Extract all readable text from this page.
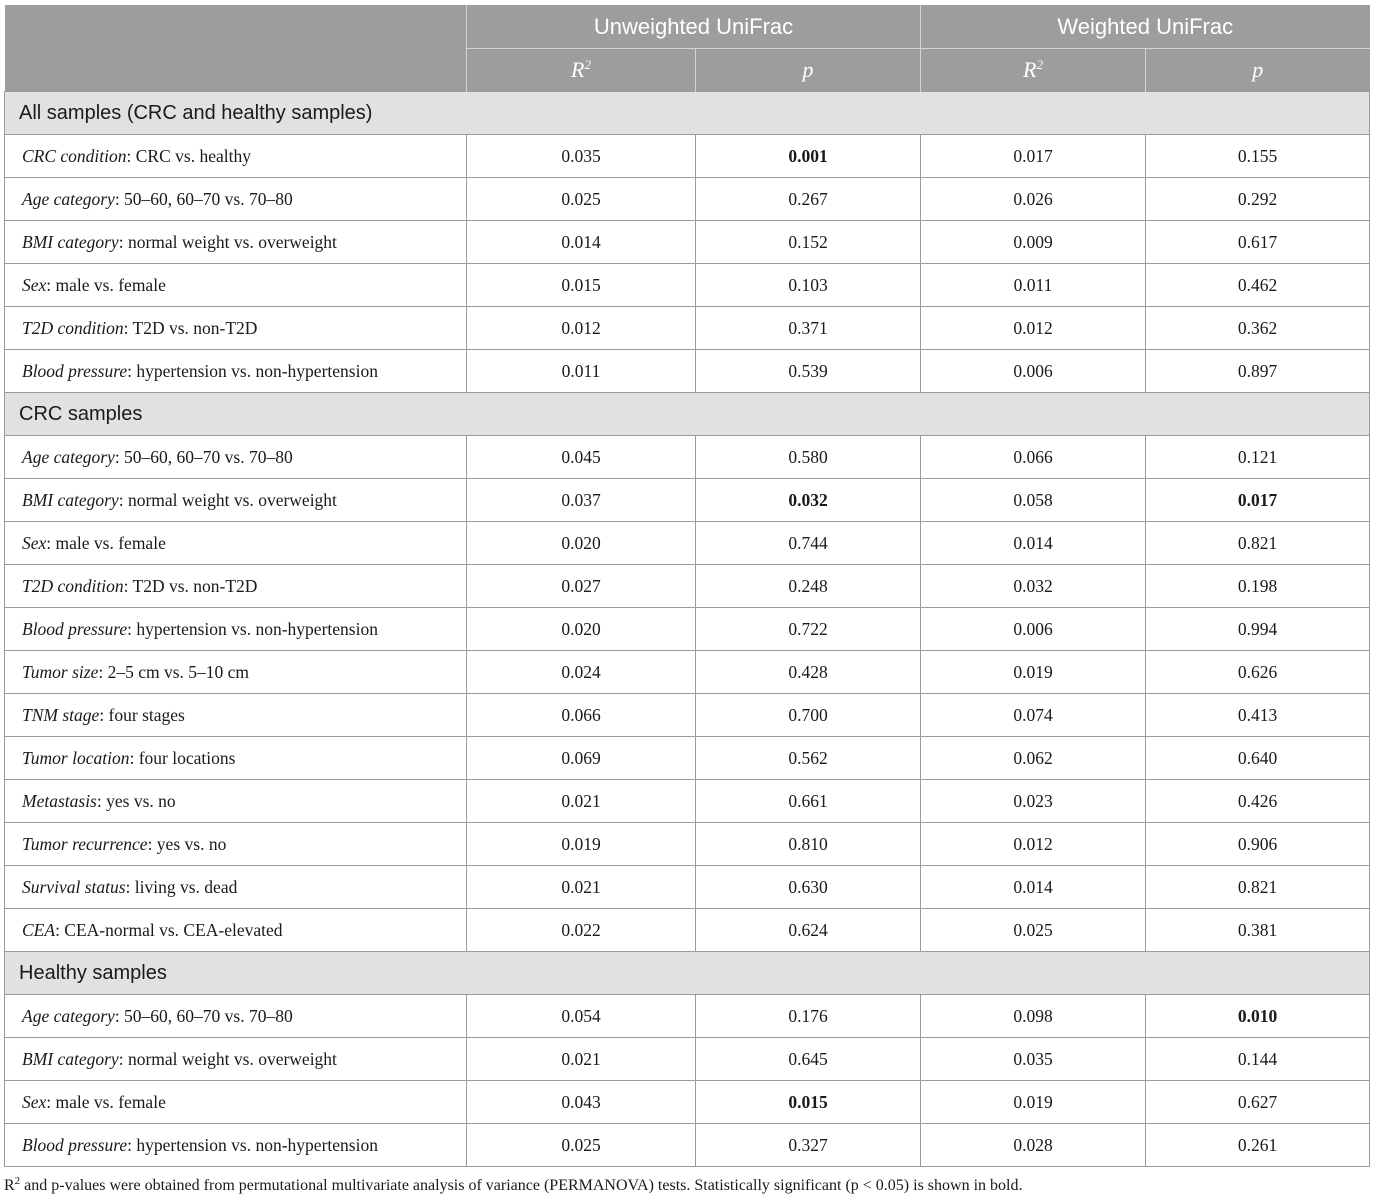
	Unweighted UniFrac		Weighted UniFrac	
	$R^2$	p	$R^2$	p
All samples (CRC and healthy samples)				
CRC condition: CRC vs. healthy	0.035	0.001	0.017	0.155
Age category: 50–60, 60–70 vs. 70–80	0.025	0.267	0.026	0.292
BMI category: normal weight vs. overweight	0.014	0.152	0.009	0.617
Sex: male vs. female	0.015	0.103	0.011	0.462
T2D condition: T2D vs. non-T2D	0.012	0.371	0.012	0.362
Blood pressure: hypertension vs. non-hypertension	0.011	0.539	0.006	0.897
CRC samples				
Age category: 50–60, 60–70 vs. 70–80	0.045	0.580	0.066	0.121
BMI category: normal weight vs. overweight	0.037	0.032	0.058	0.017
Sex: male vs. female	0.020	0.744	0.014	0.821
T2D condition: T2D vs. non-T2D	0.027	0.248	0.032	0.198
Blood pressure: hypertension vs. non-hypertension	0.020	0.722	0.006	0.994
Tumor size: 2–5 cm vs. 5–10 cm	0.024	0.428	0.019	0.626
TNM stage: four stages	0.066	0.700	0.074	0.413
Tumor location: four locations	0.069	0.562	0.062	0.640
Metastasis: yes vs. no	0.021	0.661	0.023	0.426
Tumor recurrence: yes vs. no	0.019	0.810	0.012	0.906
Survival status: living vs. dead	0.021	0.630	0.014	0.821
CEA: CEA-normal vs. CEA-elevated	0.022	0.624	0.025	0.381
Healthy samples				
Age category: 50–60, 60–70 vs. 70–80	0.054	0.176	0.098	0.010
BMI category: normal weight vs. overweight	0.021	0.645	0.035	0.144
Sex: male vs. female	0.043	0.015	0.019	0.627
Blood pressure: hypertension vs. non-hypertension	0.025	0.327	0.028	0.261
$R^2$ and p-values were obtained from permutational multivariate analysis of variance (PERMANOVA) tests. Statistically significant (p < 0.05) is shown in bold.
